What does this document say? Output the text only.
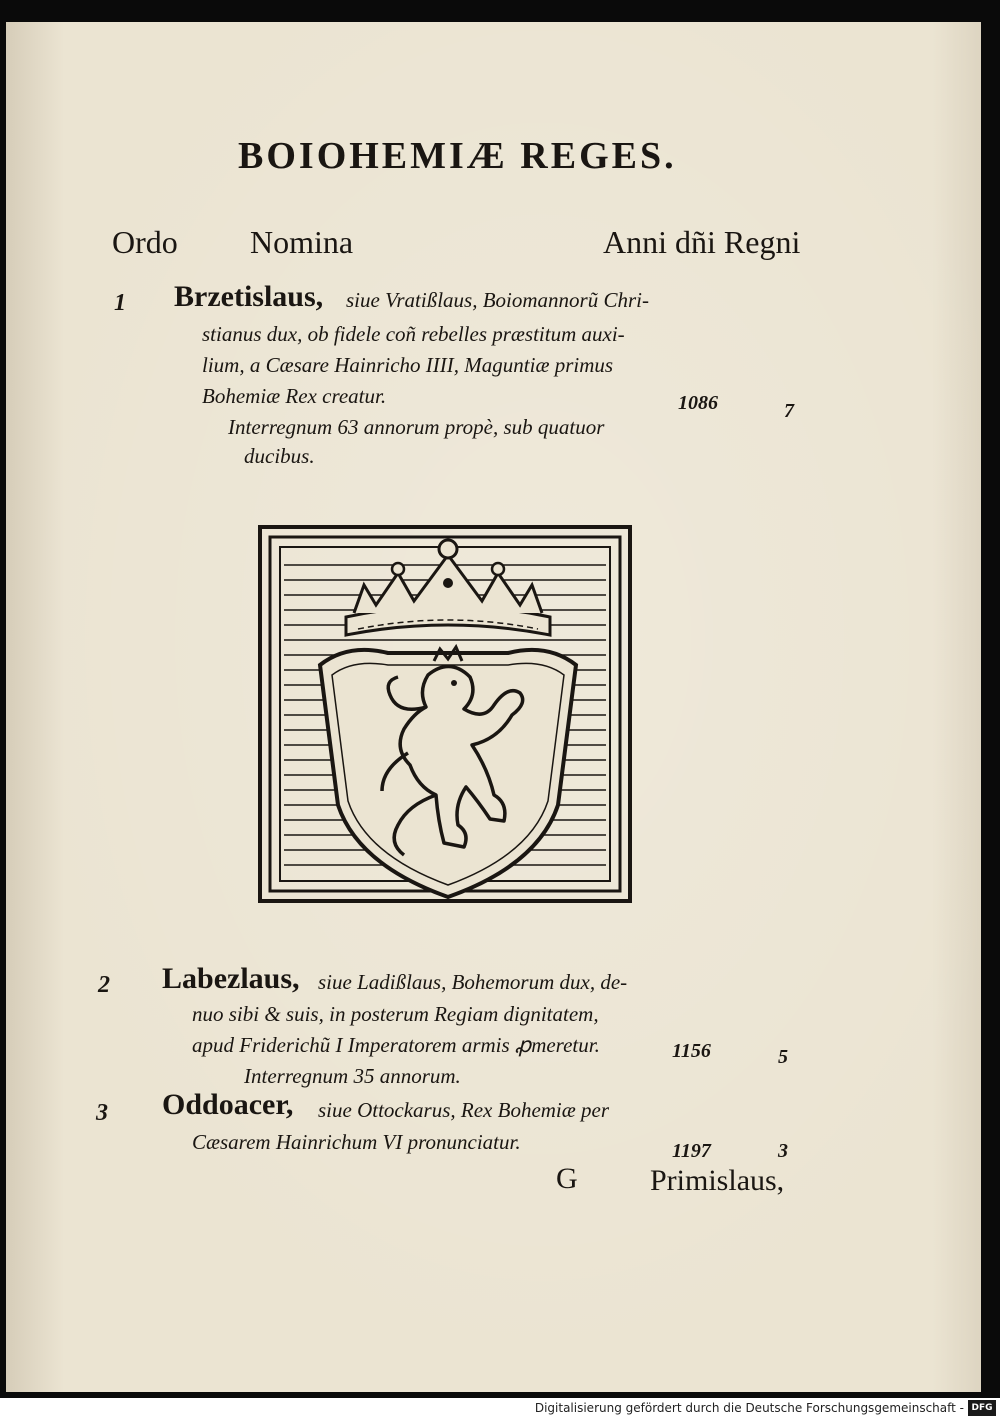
BOIOHEMIÆ REGES.
Ordo Nomina	Anni dñi Regni
1 Brzetislaus, siue Vratißlaus, Boiomannorũ Chri-
stianus dux, ob fidele coñ rebelles præstitum auxi-
lium, a Cæsare Hainricho IIII, Maguntiæ primus
Bohemiæ Rex creatur.
Interregnum 63 annorum propè, sub quatuor
ducibus.
1086	7
2 Labezlaus, siue Ladißlaus, Bohemorum dux, de-
nuo sibi & suis, in posterum Regiam dignitatem,
apud Friderichũ I Imperatorem armis ꝓmeretur.
Interregnum 35 annorum.
1156	5
3 Oddoacer, siue Ottockarus, Rex Bohemiæ per
Cæsarem Hainrichum VI pronunciatur.	1197	3
G Primislaus,
Digitalisierung gefördert durch die Deutsche Forschungsgemeinschaft - DFG
